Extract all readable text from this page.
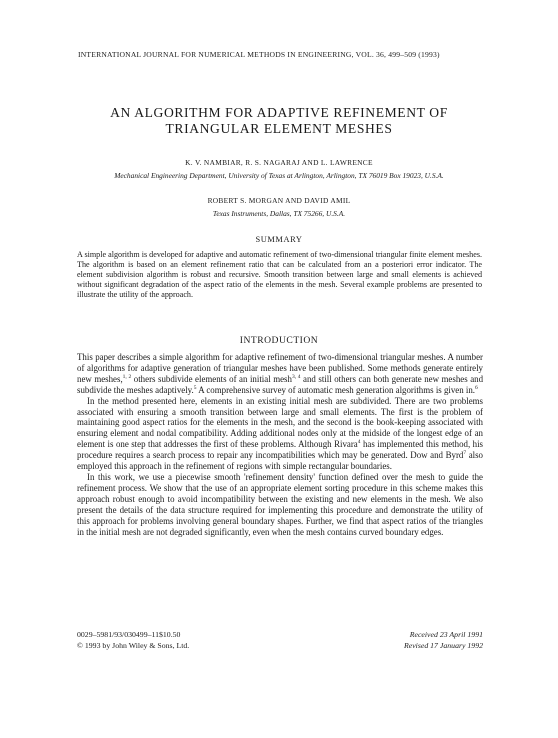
INTERNATIONAL JOURNAL FOR NUMERICAL METHODS IN ENGINEERING, VOL. 36, 499–509 (1993)
AN ALGORITHM FOR ADAPTIVE REFINEMENT OF
TRIANGULAR ELEMENT MESHES
K. V. NAMBIAR, R. S. NAGARAJ AND L. LAWRENCE
Mechanical Engineering Department, University of Texas at Arlington, Arlington, TX 76019 Box 19023, U.S.A.
ROBERT S. MORGAN AND DAVID AMIL
Texas Instruments, Dallas, TX 75266, U.S.A.
SUMMARY
A simple algorithm is developed for adaptive and automatic refinement of two-dimensional triangular finite element meshes. The algorithm is based on an element refinement ratio that can be calculated from an a posteriori error indicator. The element subdivision algorithm is robust and recursive. Smooth transition between large and small elements is achieved without significant degradation of the aspect ratio of the elements in the mesh. Several example problems are presented to illustrate the utility of the approach.
INTRODUCTION

This paper describes a simple algorithm for adaptive refinement of two-dimensional triangular meshes. A number of algorithms for adaptive generation of triangular meshes have been published. Some methods generate entirely new meshes,$^{1, 2}$ others subdivide elements of an initial mesh$^{3, 4}$ and still others can both generate new meshes and subdivide the meshes adaptively.$^5$ A comprehensive survey of automatic mesh generation algorithms is given in.$^6$

In the method presented here, elements in an existing initial mesh are subdivided. There are two problems associated with ensuring a smooth transition between large and small elements. The first is the problem of maintaining good aspect ratios for the elements in the mesh, and the second is the book-keeping associated with ensuring element and nodal compatibility. Adding additional nodes only at the midside of the longest edge of an element is one step that addresses the first of these problems. Although Rivara$^4$ has implemented this method, his procedure requires a search process to repair any incompatibilities which may be generated. Dow and Byrd$^7$ also employed this approach in the refinement of regions with simple rectangular boundaries.

In this work, we use a piecewise smooth 'refinement density' function defined over the mesh to guide the refinement process. We show that the use of an appropriate element sorting procedure in this scheme makes this approach robust enough to avoid incompatibility between the existing and new elements in the mesh. We also present the details of the data structure required for implementing this procedure and demonstrate the utility of this approach for problems involving general boundary shapes. Further, we find that aspect ratios of the triangles in the initial mesh are not degraded significantly, even when the mesh contains curved boundary edges.

0029–5981/93/030499–11$10.50
© 1993 by John Wiley & Sons, Ltd.
Received 23 April 1991
Revised 17 January 1992
